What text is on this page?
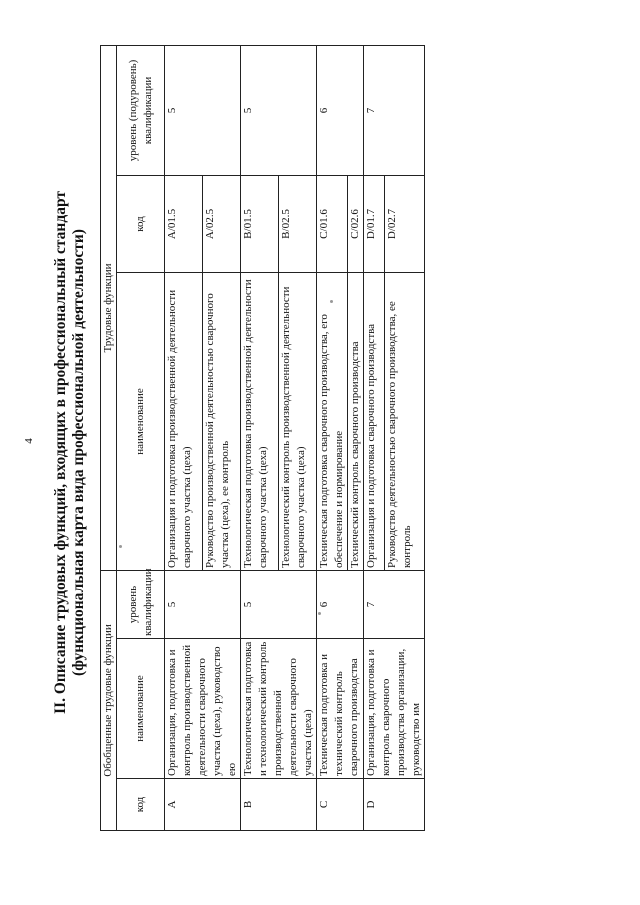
4 II. Описание трудовых функций, входящих в профессиональный стандарт (функциональная карта вида профессиональной деятельности)
Обобщенные трудовые функции			Трудовые функции		
код	наименование	уровень квалификации	наименование	код	уровень (подуровень) квалификации
A	Организация, подготовка и контроль производственной деятельности сварочного участка (цеха), руководство ею	5	Организация и подготовка производственной деятельности сварочного участка (цеха)	A/01.5	5
			Руководство производственной деятельностью сварочного участка (цеха), ее контроль	A/02.5	
B	Технологическая подготовка и технологический контроль производственной деятельности сварочного участка (цеха)	5	Технологическая подготовка производственной деятельности сварочного участка (цеха)	B/01.5	5
			Технологический контроль производственной деятельности сварочного участка (цеха)	B/02.5	
C	Техническая подготовка и технический контроль сварочного производства	6	Техническая подготовка сварочного производства, его обеспечение и нормирование	C/01.6	6
			Технический контроль сварочного производства	C/02.6	
D	Организация, подготовка и контроль сварочного производства организации, руководство им	7	Организация и подготовка сварочного производства	D/01.7	7
			Руководство деятельностью сварочного производства, ее контроль	D/02.7	
